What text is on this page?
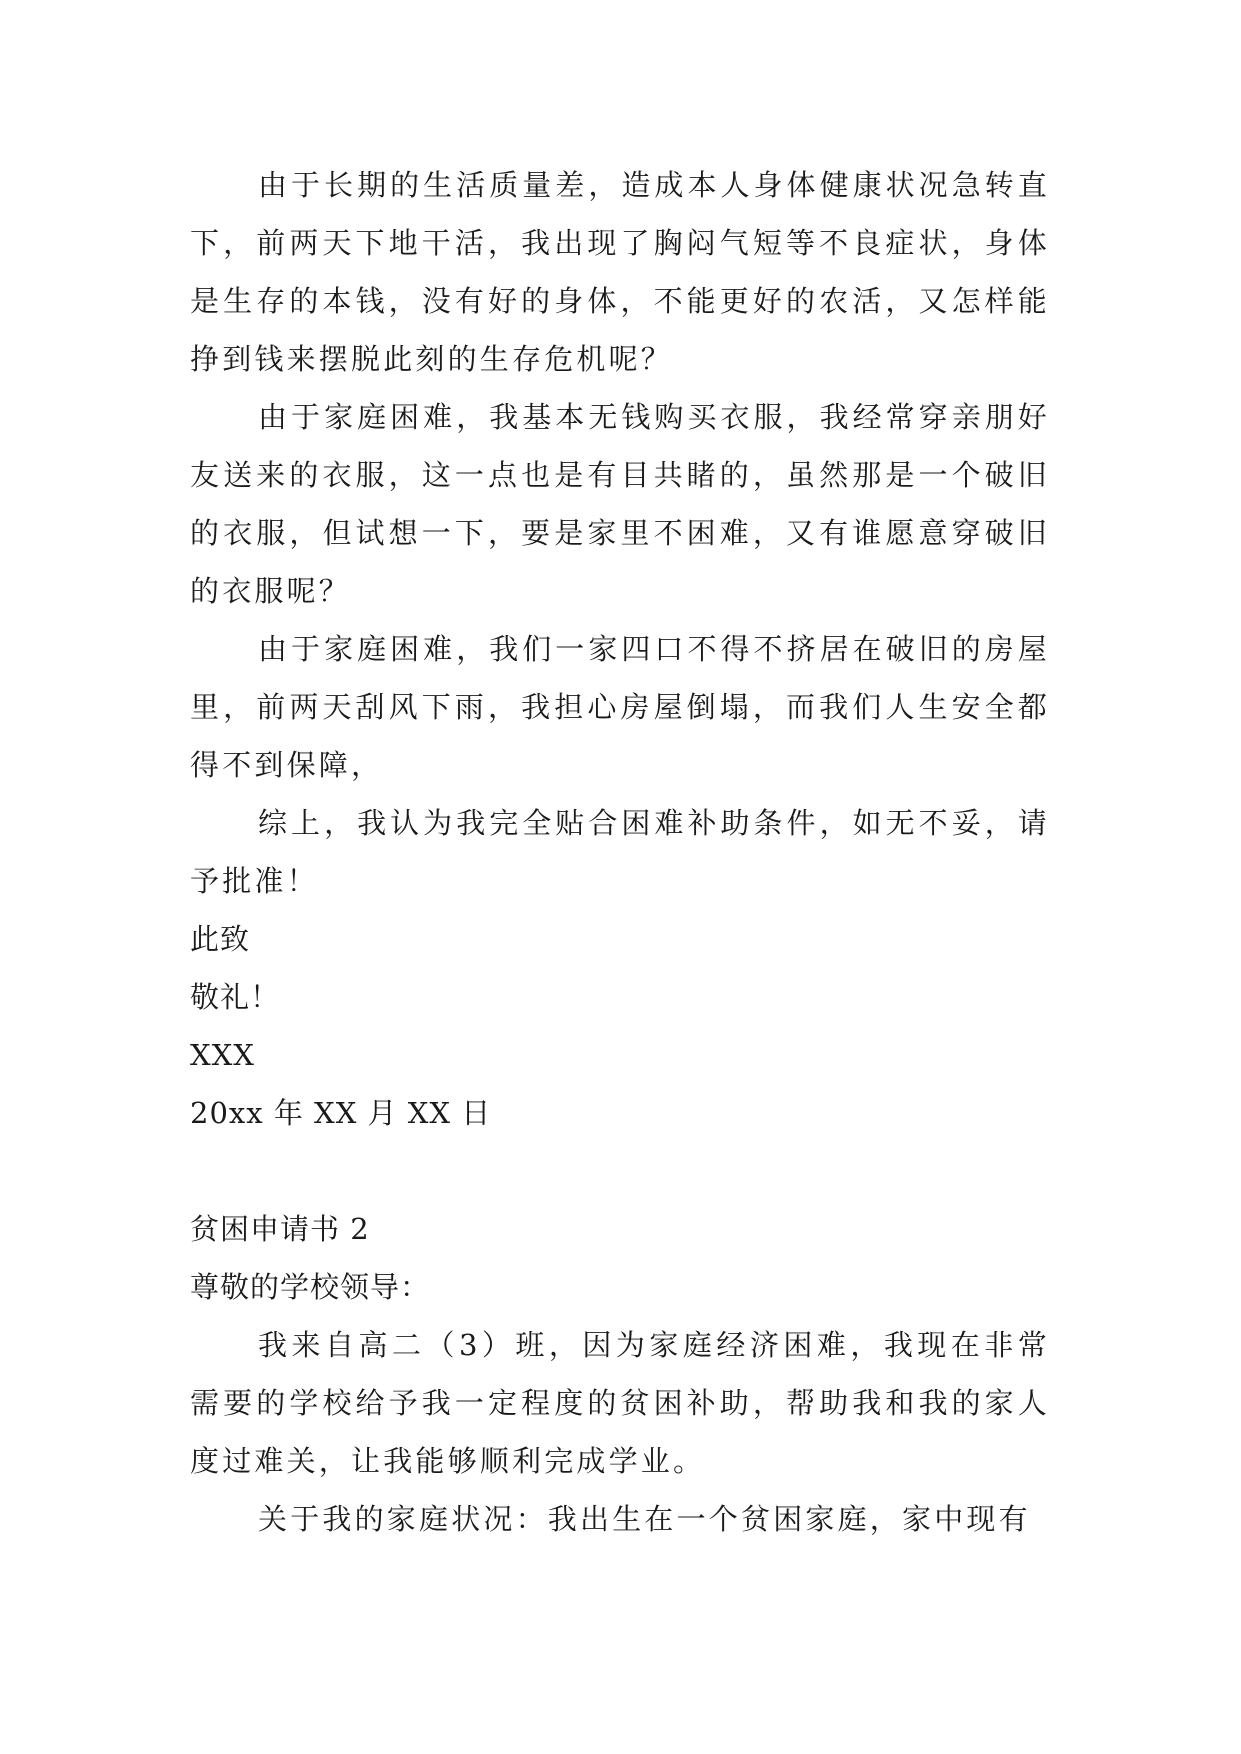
由于长期的生活质量差，造成本人身体健康状况急转直下，前两天下地干活，我出现了胸闷气短等不良症状，身体是生存的本钱，没有好的身体，不能更好的农活，又怎样能挣到钱来摆脱此刻的生存危机呢？

由于家庭困难，我基本无钱购买衣服，我经常穿亲朋好友送来的衣服，这一点也是有目共睹的，虽然那是一个破旧的衣服，但试想一下，要是家里不困难，又有谁愿意穿破旧的衣服呢？

由于家庭困难，我们一家四口不得不挤居在破旧的房屋里，前两天刮风下雨，我担心房屋倒塌，而我们人生安全都得不到保障，

综上，我认为我完全贴合困难补助条件，如无不妥，请予批准！

此致

敬礼！

XXX

20xx 年 XX 月 XX 日

贫困申请书 2

尊敬的学校领导：

我来自高二（3）班，因为家庭经济困难，我现在非常需要的学校给予我一定程度的贫困补助，帮助我和我的家人度过难关，让我能够顺利完成学业。

关于我的家庭状况：我出生在一个贫困家庭，家中现有
